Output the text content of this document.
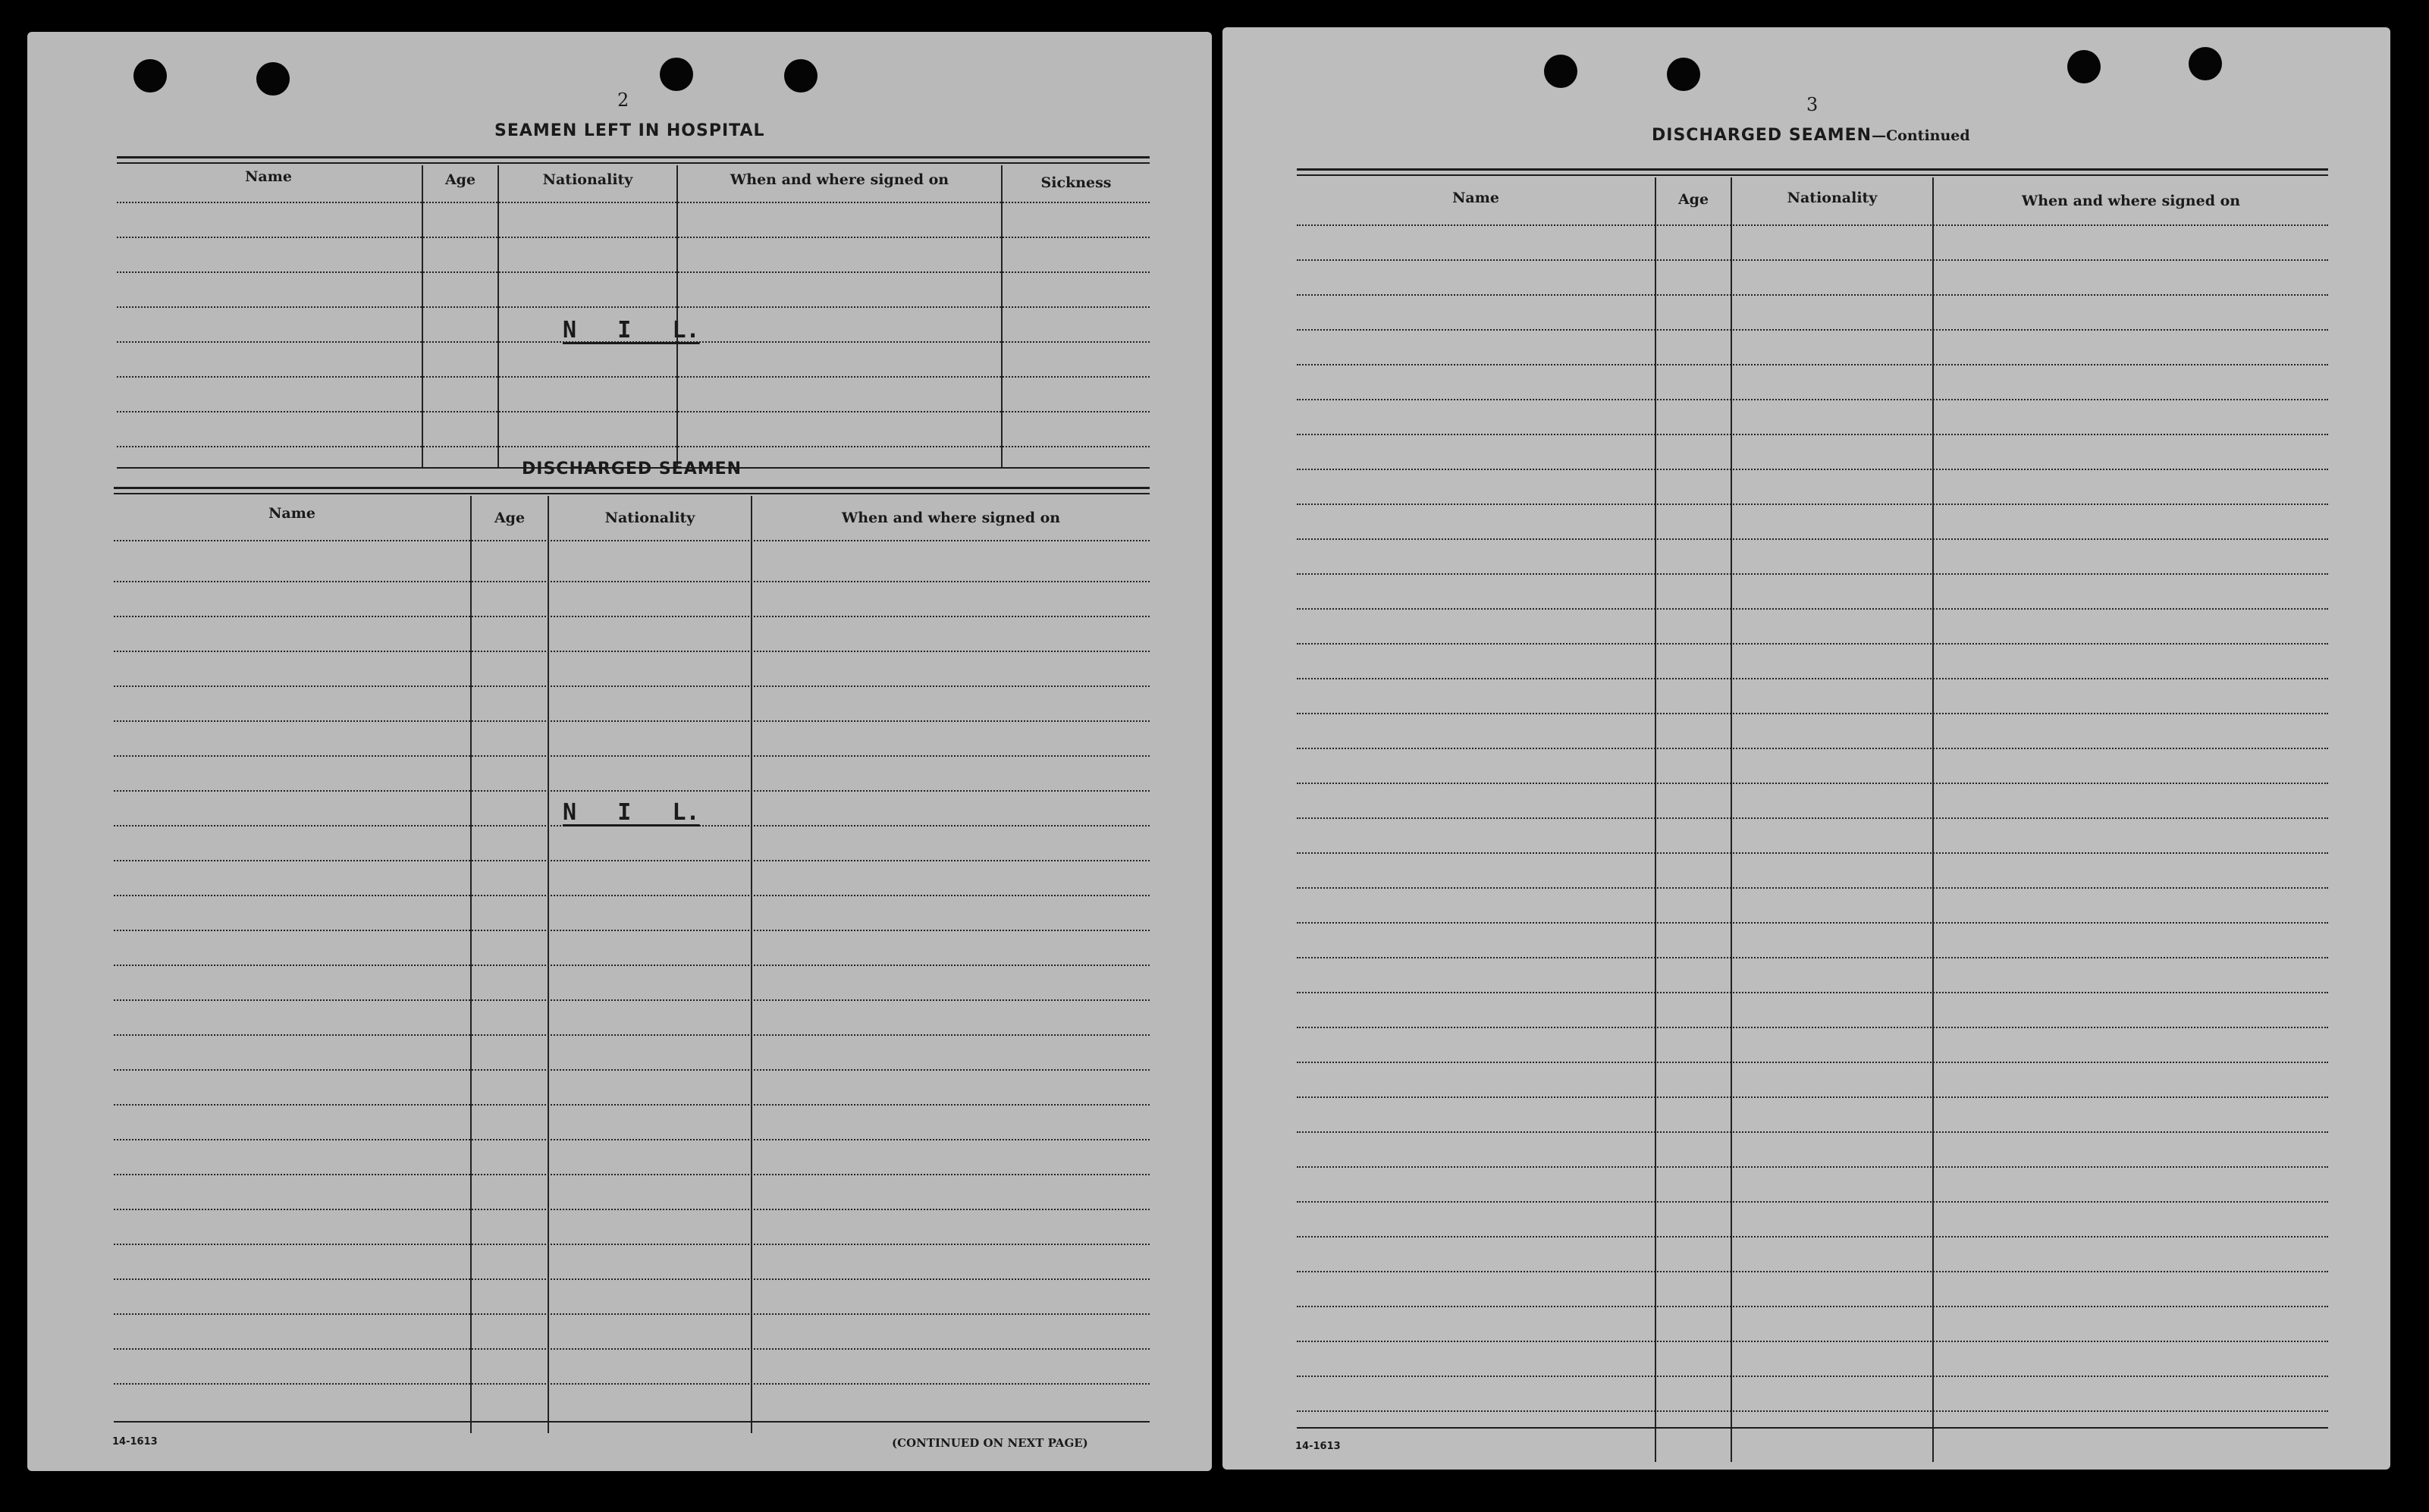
2
SEAMEN LEFT IN HOSPITAL
Name	Age	Nationality	When and where signed on	Sickness
N   I   L.
DISCHARGED SEAMEN
Name	Age	Nationality	When and where signed on
N   I   L.
14-1613	(CONTINUED ON NEXT PAGE)
3
DISCHARGED SEAMEN—Continued
Name	Age	Nationality	When and where signed on
14-1613
